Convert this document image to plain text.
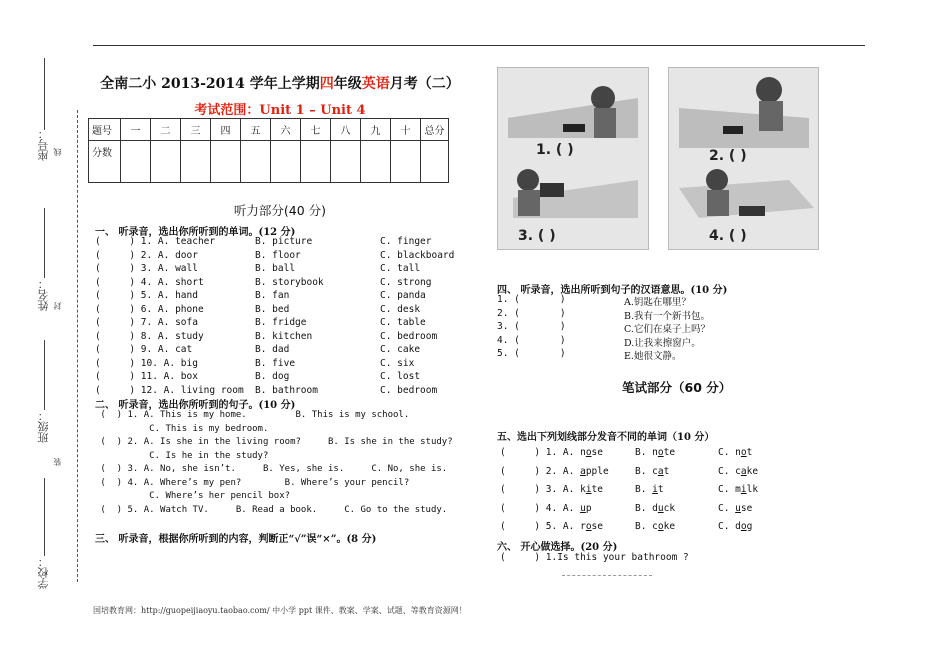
座号： 线
姓名： 封
班级：
装
学校：
全南二小 2013-2014 学年上学期四年级英语月考（二）
考试范围：Unit 1 – Unit 4
题号	一	二	三	四	五	六	七	八	九	十	总分
分数											
听力部分(40 分)
一、 听录音，选出你所听到的单词。(12 分)
(     ) 1. A. teacher	B. picture	C. finger
(     ) 2. A. door	B. floor	C. blackboard
(     ) 3. A. wall	B. ball	C. tall
(     ) 4. A. short	B. storybook	C. strong
(     ) 5. A. hand	B. fan	C. panda
(     ) 6. A. phone	B. bed	C. desk
(     ) 7. A. sofa	B. fridge	C. table
(     ) 8. A. study	B. kitchen	C. bedroom
(     ) 9. A. cat	B. dad	C. cake
(     ) 10. A. big	B. five	C. six
(     ) 11. A. box	B. dog	C. lost
(     ) 12. A. living room B. bathroom	C. bedroom
二、 听录音，选出你所听到的句子。(10 分)
(  ) 1. A. This is my home.         B. This is my school.
C. This is my bedroom.
(  ) 2. A. Is she in the living room?     B. Is she in the study?
C. Is he in the study?
(  ) 3. A. No, she isn’t.     B. Yes, she is.     C. No, she is.
(  ) 4. A. Where’s my pen?        B. Where’s your pencil?
C. Where’s her pencil box?
(  ) 5. A. Watch TV.     B. Read a book.     C. Go to the study.
三、 听录音，根据你所听到的内容，判断正“√”误“×”。(8 分)
1. ( )
3. ( )
2. ( )
4. ( )
四、 听录音，选出所听到句子的汉语意思。(10 分)
1. (       )	A.钥匙在哪里？
2. (       )	B.我有一个新书包。
3. (       )	C.它们在桌子上吗？
4. (       )	D.让我来擦窗户。
5. (       )	E.她很文静。
笔试部分（60 分）
五、选出下列划线部分发音不同的单词（10 分）
(     ) 1. A. nose	B. note	C. not
(     ) 2. A. apple	B. cat	C. cake
(     ) 3. A. kite	B. it	C. milk
(     ) 4. A. up	B. duck	C. use
(     ) 5. A. rose	B. coke	C. dog
六、 开心做选择。(20 分)
(     ) 1.Is this your bathroom ?
国培教育网：http://guopeijiaoyu.taobao.com/ 中小学 ppt 课件、教案、学案、试题、等教育资源网！
